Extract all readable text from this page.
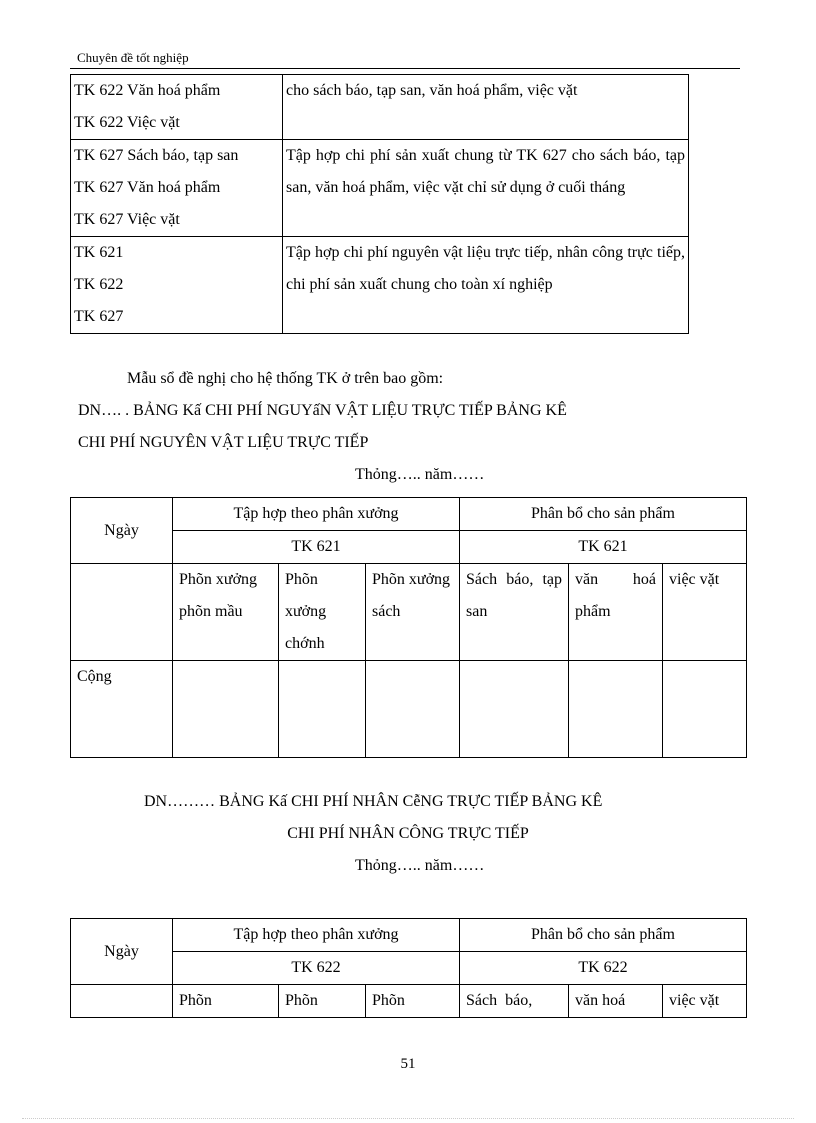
Chuyên đề tốt nghiệp
TK 622 Văn hoá phẩm
TK 622 Việc vặt	cho sách báo, tạp san, văn hoá phẩm, việc vặt

TK 627 Sách báo, tạp san
TK 627 Văn hoá phẩm
TK 627 Việc vặt	Tập hợp chi phí sản xuất chung từ TK 627 cho sách báo, tạp san, văn hoá phẩm, việc vặt chỉ sử dụng ở cuối tháng

TK 621
TK 622
TK 627	Tập hợp chi phí nguyên vật liệu trực tiếp, nhân công trực tiếp, chi phí sản xuất chung cho toàn xí nghiệp
Mẫu sổ đề nghị cho hệ thống TK ở trên bao gồm:
DN…. . BẢNG Kấ CHI PHÍ NGUYấN VẬT LIỆU TRỰC TIẾP BẢNG KÊ
CHI PHÍ NGUYÊN VẬT LIỆU TRỰC TIẾP
Thỏng….. năm……
Ngày	Tập hợp theo phân xưởng			Phân bổ cho sản phẩm		
	TK 621			TK 621		
	Phõn xưởng phõn mầu	Phõn xưởng chớnh	Phõn xưởng sách	Sách báo, tạp san	văn hoá phẩm	việc vặt
Cộng						
DN……… BẢNG Kấ CHI PHÍ NHÂN CễNG TRỰC TIẾP BẢNG KÊ
CHI PHÍ NHÂN CÔNG TRỰC TIẾP
Thỏng….. năm……
Ngày	Tập hợp theo phân xưởng			Phân bổ cho sản phẩm		
	TK 622			TK 622		
	Phõn	Phõn	Phõn	Sách  báo,	văn hoá	việc vặt
51
